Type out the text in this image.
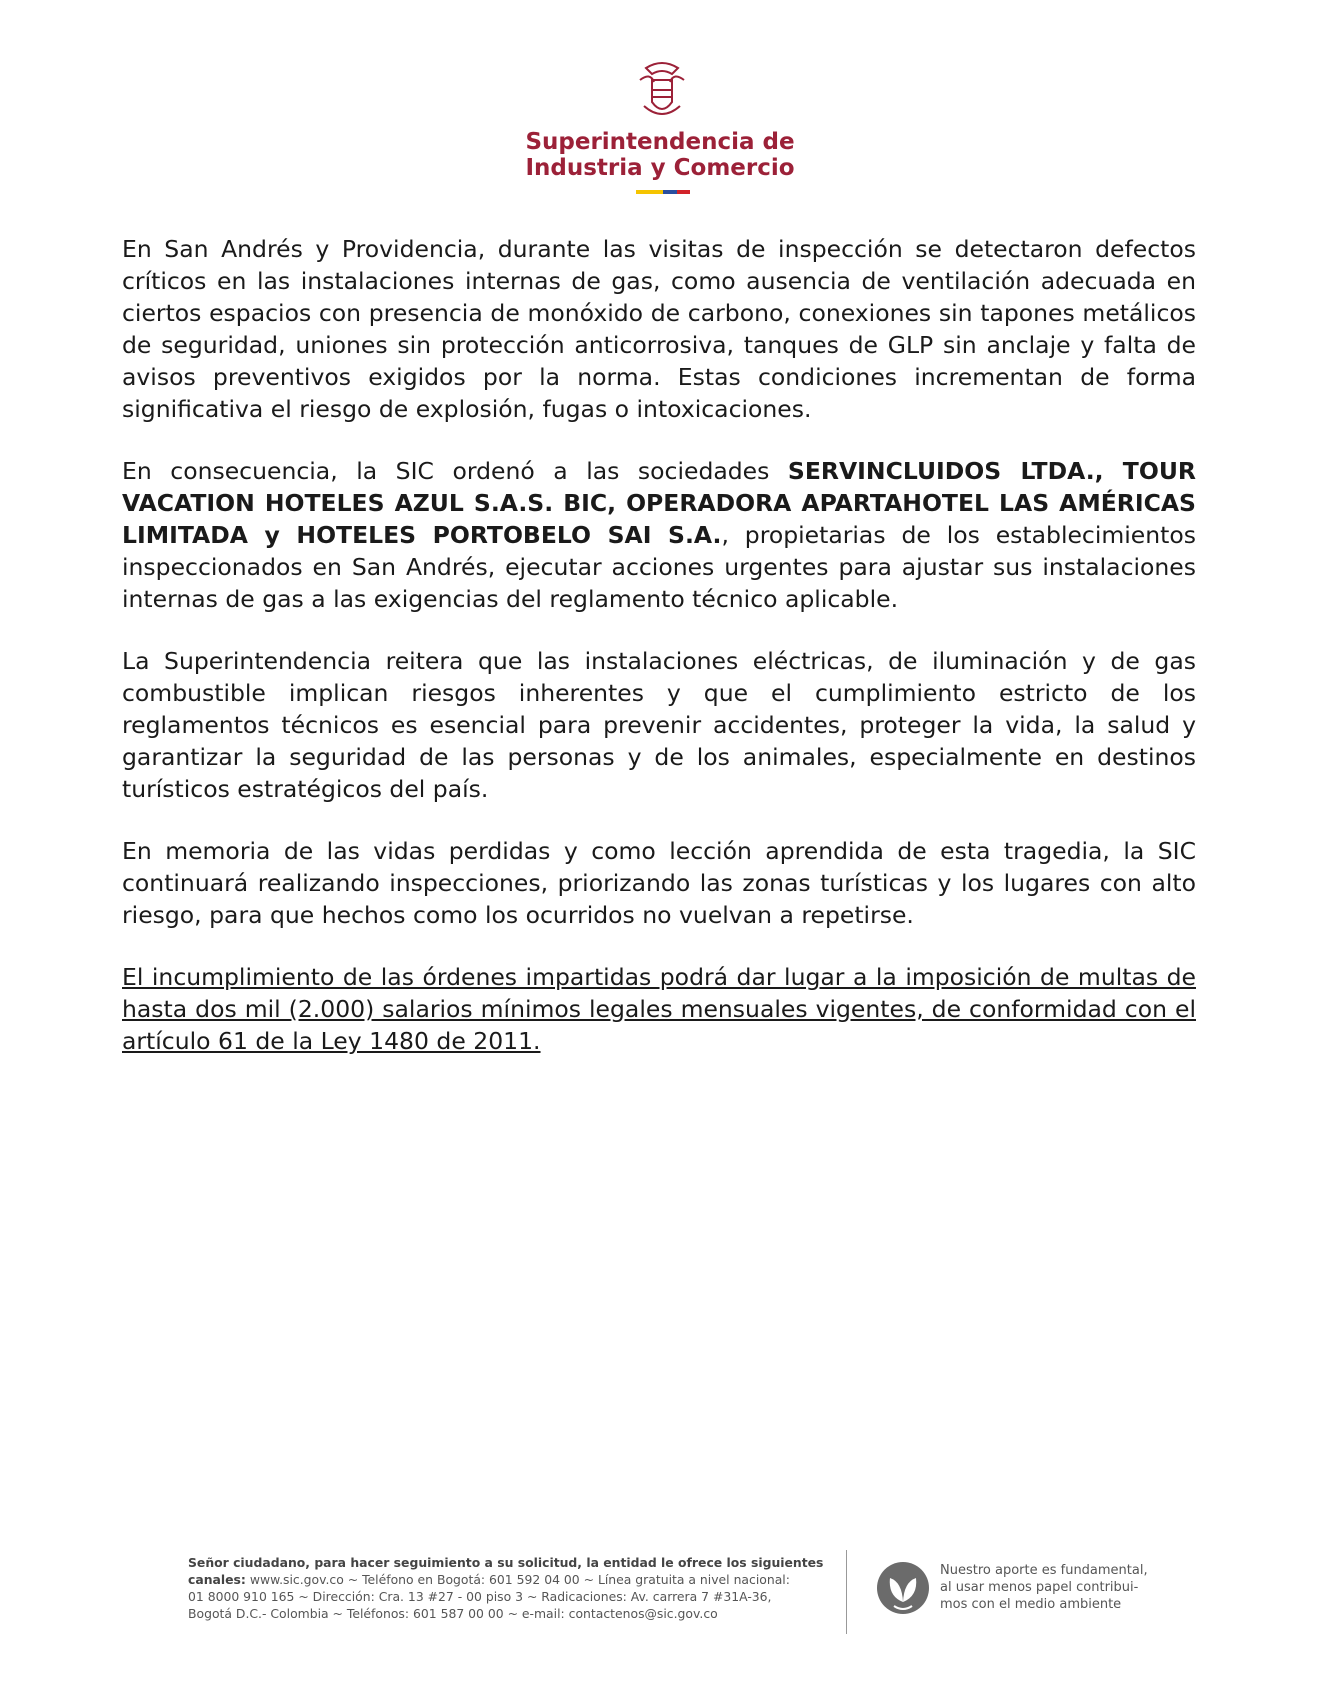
Superintendencia de
Industria y Comercio

En San Andrés y Providencia, durante las visitas de inspección se detectaron defectos críticos en las instalaciones internas de gas, como ausencia de ventilación adecuada en ciertos espacios con presencia de monóxido de carbono, conexiones sin tapones metálicos de seguridad, uniones sin protección anticorrosiva, tanques de GLP sin anclaje y falta de avisos preventivos exigidos por la norma. Estas condiciones incrementan de forma significativa el riesgo de explosión, fugas o intoxicaciones.

En consecuencia, la SIC ordenó a las sociedades SERVINCLUIDOS LTDA., TOUR VACATION HOTELES AZUL S.A.S. BIC, OPERADORA APARTAHOTEL LAS AMÉRICAS LIMITADA y HOTELES PORTOBELO SAI S.A., propietarias de los establecimientos inspeccionados en San Andrés, ejecutar acciones urgentes para ajustar sus instalaciones internas de gas a las exigencias del reglamento técnico aplicable.

La Superintendencia reitera que las instalaciones eléctricas, de iluminación y de gas combustible implican riesgos inherentes y que el cumplimiento estricto de los reglamentos técnicos es esencial para prevenir accidentes, proteger la vida, la salud y garantizar la seguridad de las personas y de los animales, especialmente en destinos turísticos estratégicos del país.

En memoria de las vidas perdidas y como lección aprendida de esta tragedia, la SIC continuará realizando inspecciones, priorizando las zonas turísticas y los lugares con alto riesgo, para que hechos como los ocurridos no vuelvan a repetirse.

El incumplimiento de las órdenes impartidas podrá dar lugar a la imposición de multas de hasta dos mil (2.000) salarios mínimos legales mensuales vigentes, de conformidad con el artículo 61 de la Ley 1480 de 2011.

Señor ciudadano, para hacer seguimiento a su solicitud, la entidad le ofrece los siguientes canales: www.sic.gov.co ~ Teléfono en Bogotá: 601 592 04 00 ~ Línea gratuita a nivel nacional:
01 8000 910 165 ~ Dirección: Cra. 13 #27 - 00 piso 3 ~ Radicaciones: Av. carrera 7 #31A-36,
Bogotá D.C.- Colombia ~ Teléfonos: 601 587 00 00 ~ e-mail: contactenos@sic.gov.co
Nuestro aporte es fundamental,
al usar menos papel contribui-
mos con el medio ambiente
